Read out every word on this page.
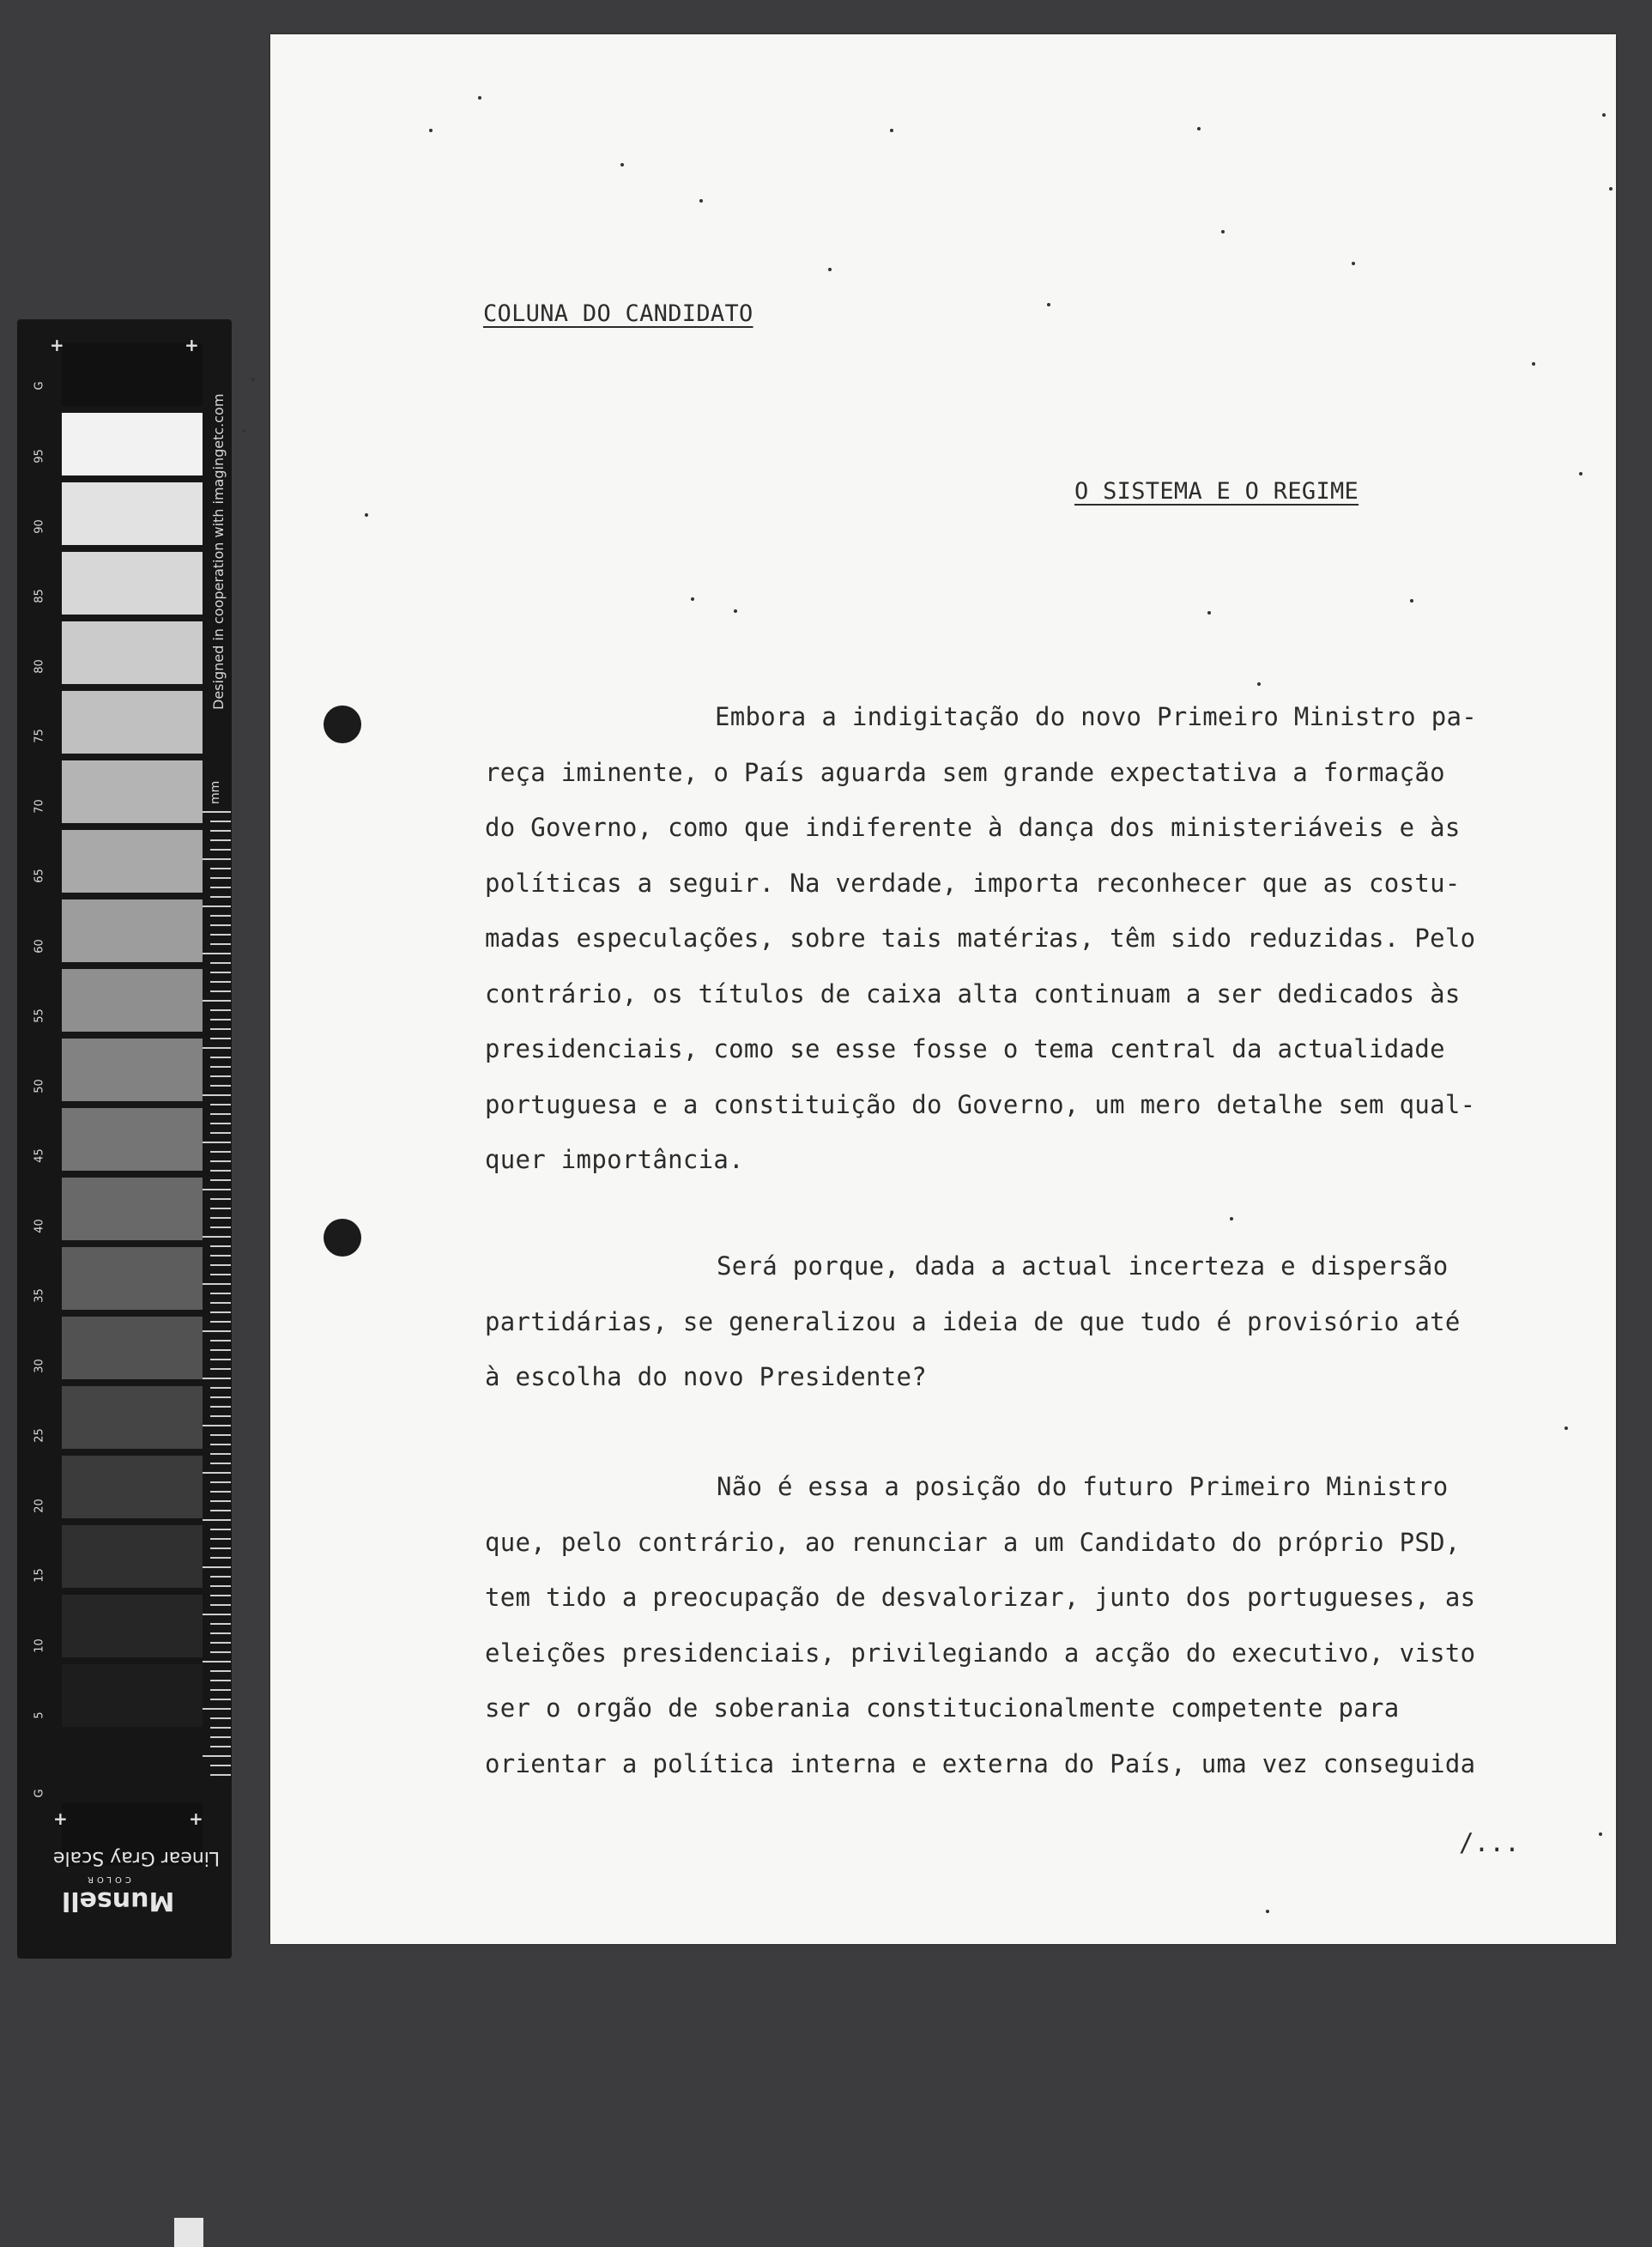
G
95
90
85
80
75
70
65
60
55
50
45
40
35
30
25
20
15
10
5
G
+	+
+	+
Designed in cooperation with imagingetc.com
mm
Linear Gray Scale
Munsell
COLOR
COLUNA DO CANDIDATO
O SISTEMA E O REGIME
Embora a indigitação do novo Primeiro Ministro pa-
reça iminente, o País aguarda sem grande expectativa a formação
do Governo, como que indiferente à dança dos ministeriáveis e às
políticas a seguir. Na verdade, importa reconhecer que as costu-
madas especulações, sobre tais matérias, têm sido reduzidas. Pelo
contrário, os títulos de caixa alta continuam a ser dedicados às
presidenciais, como se esse fosse o tema central da actualidade
portuguesa e a constituição do Governo, um mero detalhe sem qual-
quer importância.
Será porque, dada a actual incerteza e dispersão
partidárias, se generalizou a ideia de que tudo é provisório até
à escolha do novo Presidente?
Não é essa a posição do futuro Primeiro Ministro
que, pelo contrário, ao renunciar a um Candidato do próprio PSD,
tem tido a preocupação de desvalorizar, junto dos portugueses, as
eleições presidenciais, privilegiando a acção do executivo, visto
ser o orgão de soberania constitucionalmente competente para
orientar a política interna e externa do País, uma vez conseguida
/...
